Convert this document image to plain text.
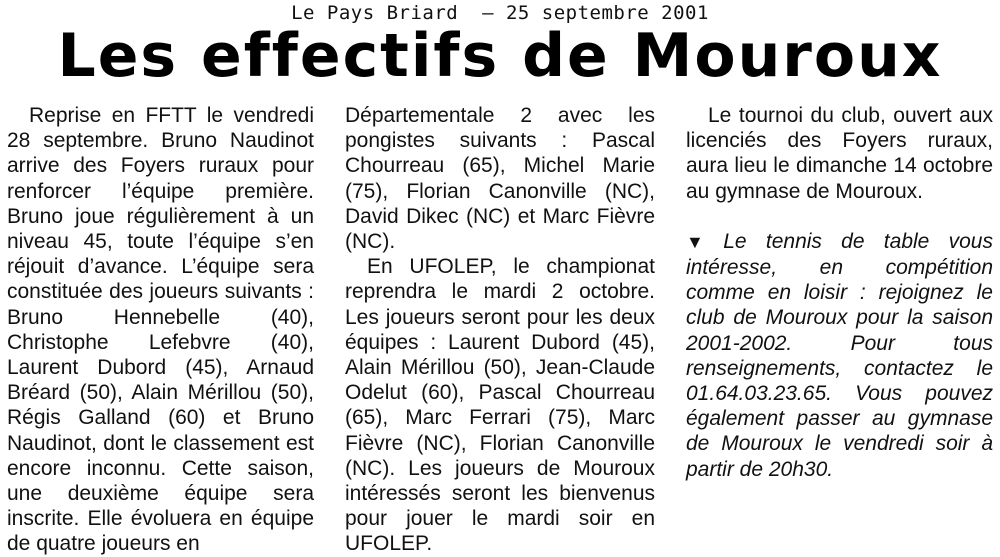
Le Pays Briard  – 25 septembre 2001
Les effectifs de Mouroux

Reprise en FFTT le vendredi 28 septembre. Bruno Naudinot arrive des Foyers ruraux pour renforcer l’équipe première. Bruno joue régulièrement à un niveau 45, toute l’équipe s’en réjouit d’avance. L’équipe sera constituée des joueurs suivants : Bruno Hennebelle (40), Christophe Lefebvre (40), Laurent Dubord (45), Arnaud Bréard (50), Alain Mérillou (50), Régis Galland (60) et Bruno Naudinot, dont le classement est encore inconnu. Cette saison, une deuxième équipe sera inscrite. Elle évoluera en équipe de quatre joueurs en

Départementale 2 avec les pongistes suivants : Pascal Chourreau (65), Michel Marie (75), Florian Canonville (NC), David Dikec (NC) et Marc Fièvre (NC).

En UFOLEP, le championat reprendra le mardi 2 octobre. Les joueurs seront pour les deux équipes : Laurent Dubord (45), Alain Mérillou (50), Jean-Claude Odelut (60), Pascal Chourreau (65), Marc Ferrari (75), Marc Fièvre (NC), Florian Canonville (NC). Les joueurs de Mouroux intéressés seront les bienvenus pour jouer le mardi soir en UFOLEP.

Le tournoi du club, ouvert aux licenciés des Foyers ruraux, aura lieu le dimanche 14 octobre au gymnase de Mouroux.

▼ Le tennis de table vous intéresse, en compétition comme en loisir : rejoignez le club de Mouroux pour la saison 2001-2002. Pour tous renseignements, contactez le 01.64.03.23.65. Vous pouvez également passer au gymnase de Mouroux le vendredi soir à partir de 20h30.
